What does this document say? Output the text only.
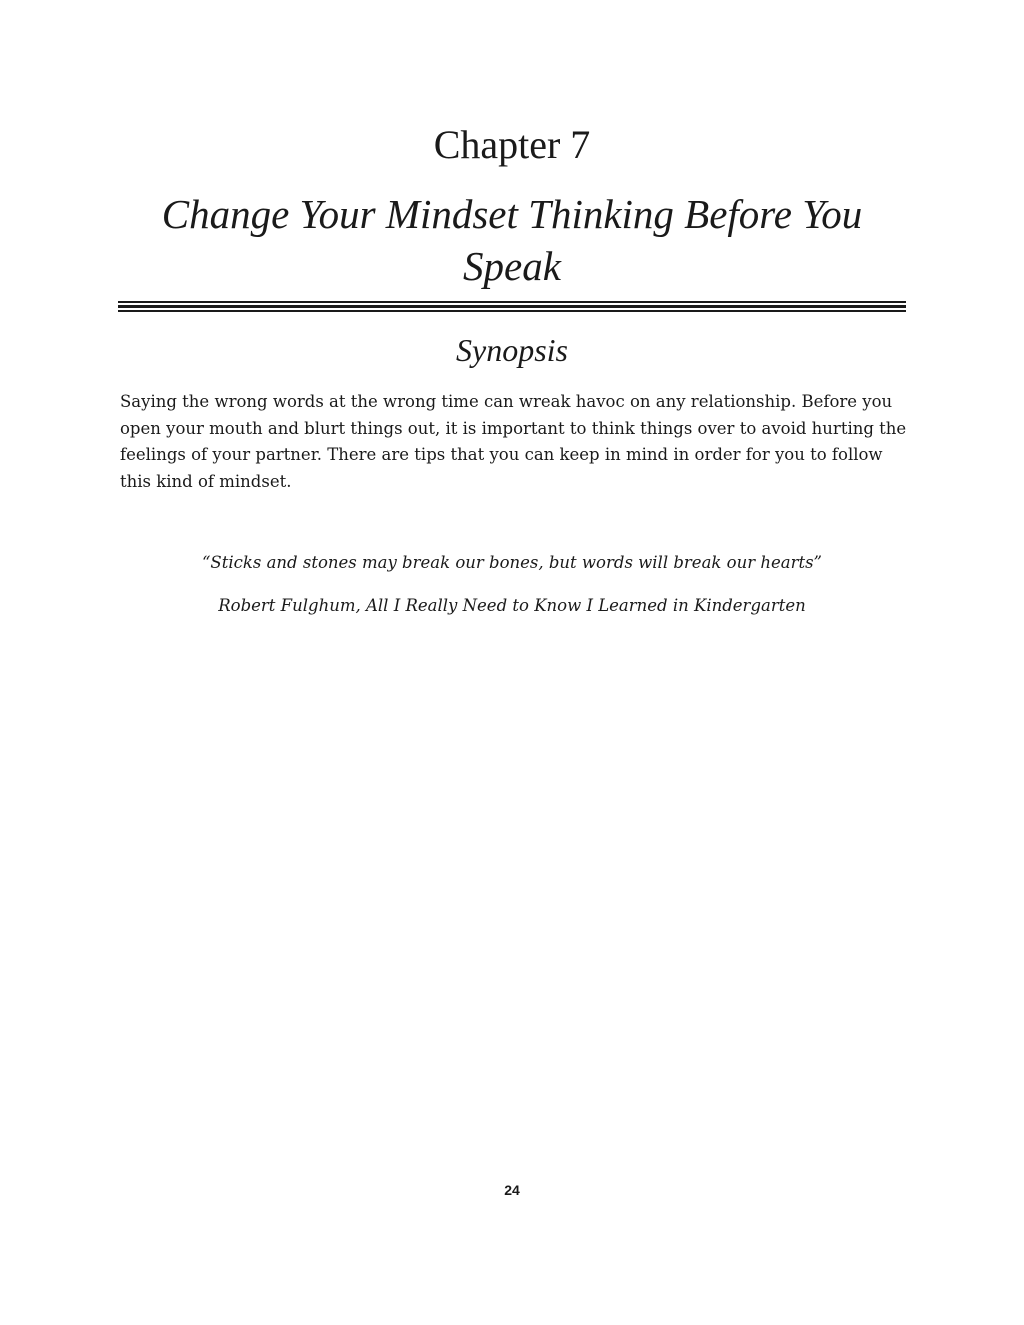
Chapter 7
Change Your Mindset Thinking Before You Speak
Synopsis

Saying the wrong words at the wrong time can wreak havoc on any relationship. Before you open your mouth and blurt things out, it is important to think things over to avoid hurting the feelings of your partner. There are tips that you can keep in mind in order for you to follow this kind of mindset.

“Sticks and stones may break our bones, but words will break our hearts”

Robert Fulghum, All I Really Need to Know I Learned in Kindergarten

24
